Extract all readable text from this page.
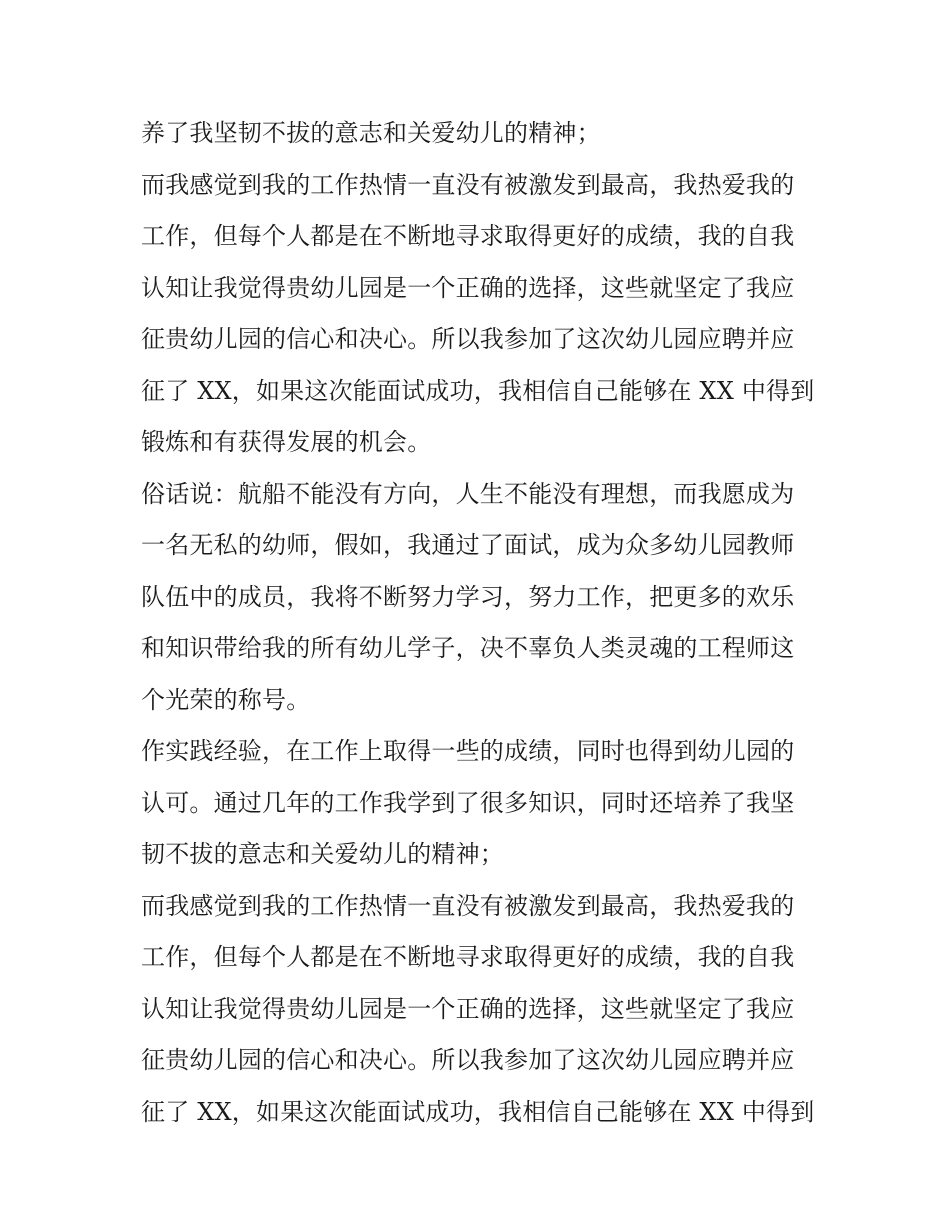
养了我坚韧不拔的意志和关爱幼儿的精神；
而我感觉到我的工作热情一直没有被激发到最高，我热爱我的
工作，但每个人都是在不断地寻求取得更好的成绩，我的自我
认知让我觉得贵幼儿园是一个正确的选择，这些就坚定了我应
征贵幼儿园的信心和决心。所以我参加了这次幼儿园应聘并应
征了 XX，如果这次能面试成功，我相信自己能够在 XX 中得到
锻炼和有获得发展的机会。
俗话说：航船不能没有方向，人生不能没有理想，而我愿成为
一名无私的幼师，假如，我通过了面试，成为众多幼儿园教师
队伍中的成员，我将不断努力学习，努力工作，把更多的欢乐
和知识带给我的所有幼儿学子，决不辜负人类灵魂的工程师这
个光荣的称号。
作实践经验，在工作上取得一些的成绩，同时也得到幼儿园的
认可。通过几年的工作我学到了很多知识，同时还培养了我坚
韧不拔的意志和关爱幼儿的精神；
而我感觉到我的工作热情一直没有被激发到最高，我热爱我的
工作，但每个人都是在不断地寻求取得更好的成绩，我的自我
认知让我觉得贵幼儿园是一个正确的选择，这些就坚定了我应
征贵幼儿园的信心和决心。所以我参加了这次幼儿园应聘并应
征了 XX，如果这次能面试成功，我相信自己能够在 XX 中得到
